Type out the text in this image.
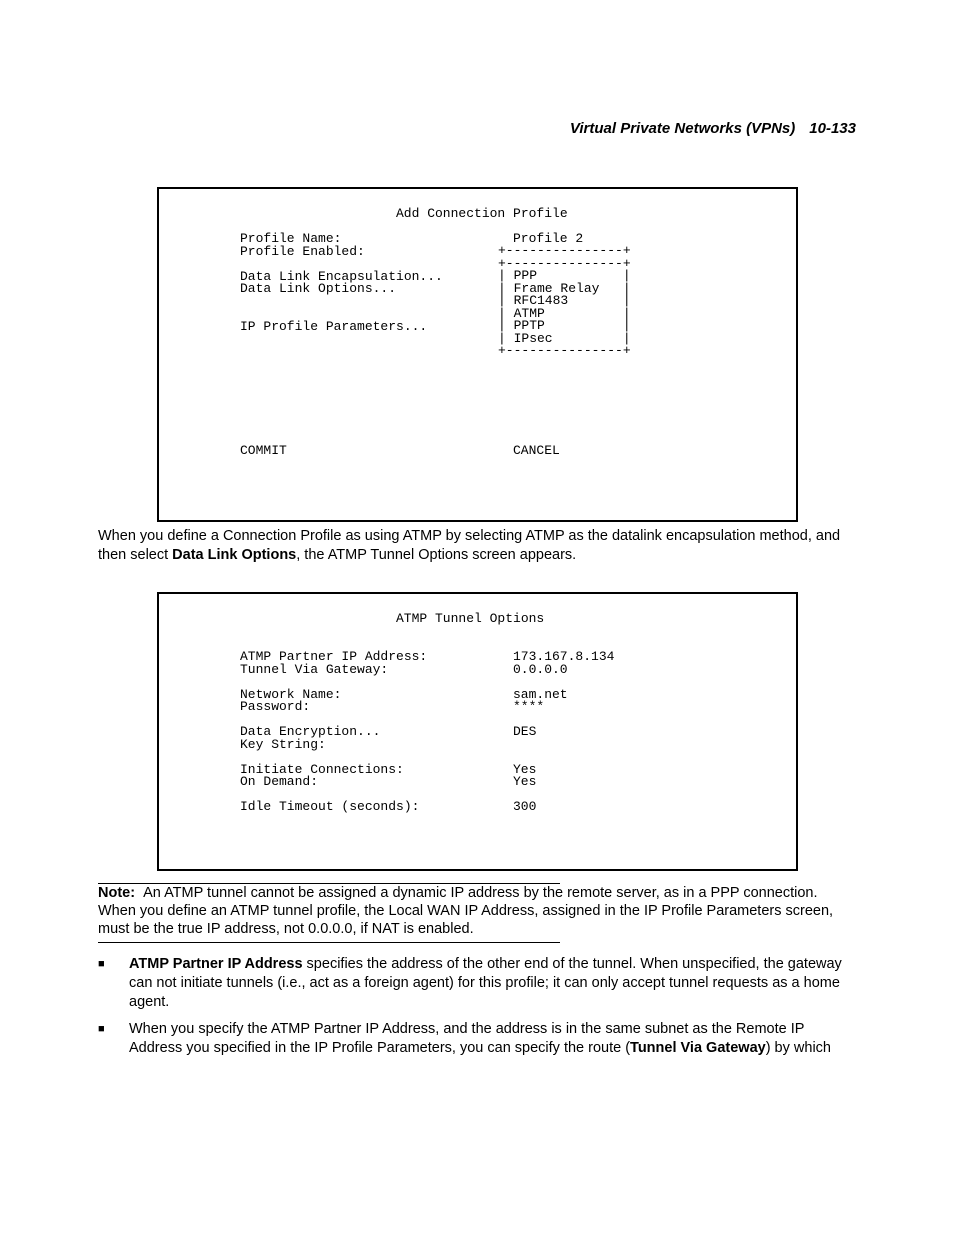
Virtual Private Networks (VPNs) 10-133
Add Connection Profile
Profile Name:
Profile Enabled:

Data Link Encapsulation...
Data Link Options...

IP Profile Parameters...
Profile 2
+---------------+
+---------------+
| PPP           |
| Frame Relay   |
| RFC1483       |
| ATMP          |
| PPTP          |
| IPsec         |
+---------------+
COMMIT	CANCEL
When you define a Connection Profile as using ATMP by selecting ATMP as the datalink encapsulation method, and then select Data Link Options, the ATMP Tunnel Options screen appears.
ATMP Tunnel Options
ATMP Partner IP Address:
Tunnel Via Gateway:

Network Name:
Password:

Data Encryption...
Key String:

Initiate Connections:
On Demand:

Idle Timeout (seconds):
173.167.8.134
0.0.0.0

sam.net
****

DES

Yes
Yes

300
Note: An ATMP tunnel cannot be assigned a dynamic IP address by the remote server, as in a PPP connection. When you define an ATMP tunnel profile, the Local WAN IP Address, assigned in the IP Profile Parameters screen, must be the true IP address, not 0.0.0.0, if NAT is enabled.
■ ATMP Partner IP Address specifies the address of the other end of the tunnel. When unspecified, the gateway can not initiate tunnels (i.e., act as a foreign agent) for this profile; it can only accept tunnel requests as a home agent.
■ When you specify the ATMP Partner IP Address, and the address is in the same subnet as the Remote IP Address you specified in the IP Profile Parameters, you can specify the route (Tunnel Via Gateway) by which
